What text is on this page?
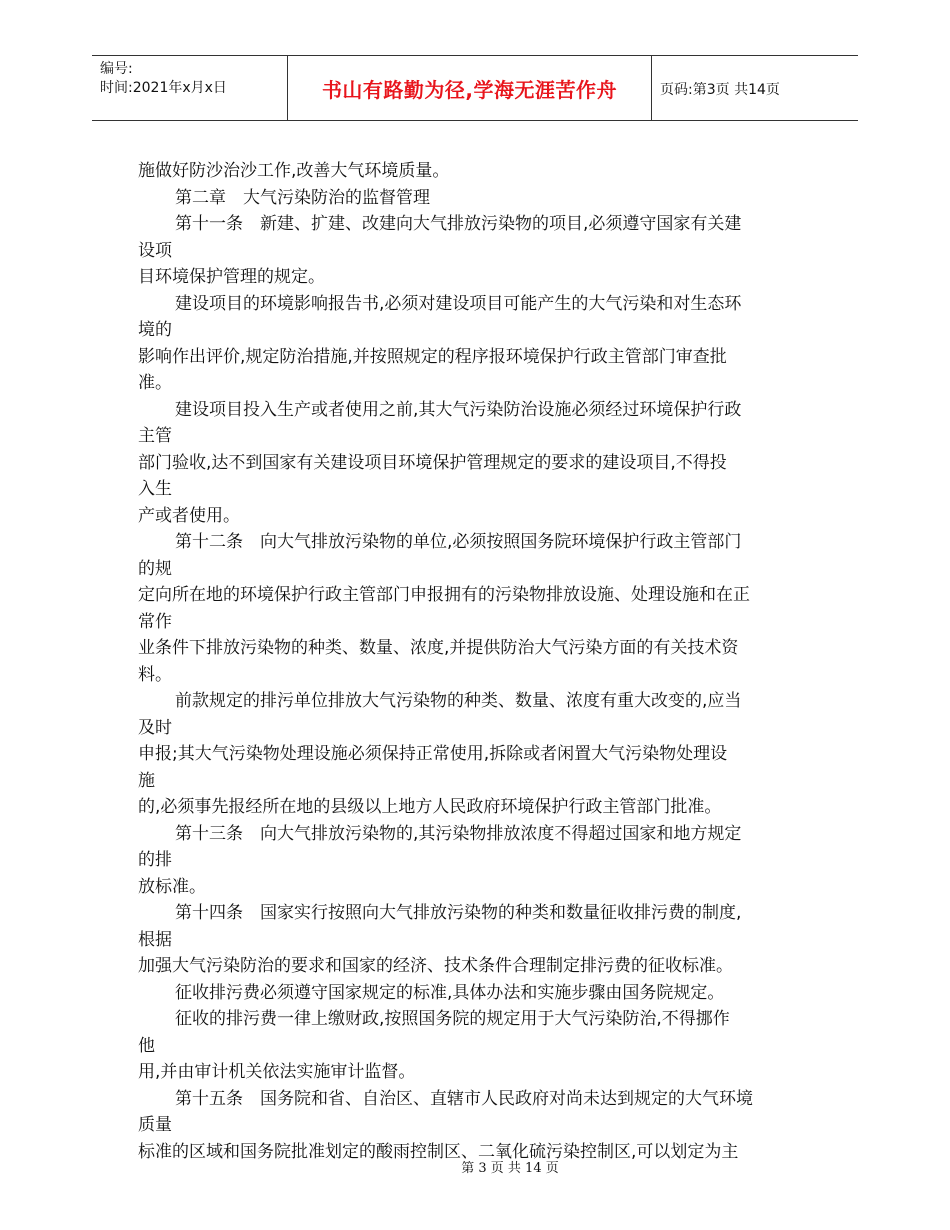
编号:
时间:2021年x月x日	书山有路勤为径,学海无涯苦作舟	页码:第3页 共14页
施做好防沙治沙工作,改善大气环境质量。
第二章　大气污染防治的监督管理
第十一条　新建、扩建、改建向大气排放污染物的项目,必须遵守国家有关建
设项
目环境保护管理的规定。
建设项目的环境影响报告书,必须对建设项目可能产生的大气污染和对生态环
境的
影响作出评价,规定防治措施,并按照规定的程序报环境保护行政主管部门审查批
准。
建设项目投入生产或者使用之前,其大气污染防治设施必须经过环境保护行政
主管
部门验收,达不到国家有关建设项目环境保护管理规定的要求的建设项目,不得投
入生
产或者使用。
第十二条　向大气排放污染物的单位,必须按照国务院环境保护行政主管部门
的规
定向所在地的环境保护行政主管部门申报拥有的污染物排放设施、处理设施和在正
常作
业条件下排放污染物的种类、数量、浓度,并提供防治大气污染方面的有关技术资
料。
前款规定的排污单位排放大气污染物的种类、数量、浓度有重大改变的,应当
及时
申报;其大气污染物处理设施必须保持正常使用,拆除或者闲置大气污染物处理设
施
的,必须事先报经所在地的县级以上地方人民政府环境保护行政主管部门批准。
第十三条　向大气排放污染物的,其污染物排放浓度不得超过国家和地方规定
的排
放标准。
第十四条　国家实行按照向大气排放污染物的种类和数量征收排污费的制度,
根据
加强大气污染防治的要求和国家的经济、技术条件合理制定排污费的征收标准。
征收排污费必须遵守国家规定的标准,具体办法和实施步骤由国务院规定。
征收的排污费一律上缴财政,按照国务院的规定用于大气污染防治,不得挪作
他
用,并由审计机关依法实施审计监督。
第十五条　国务院和省、自治区、直辖市人民政府对尚未达到规定的大气环境
质量
标准的区域和国务院批准划定的酸雨控制区、二氧化硫污染控制区,可以划定为主
第 3 页 共 14 页
